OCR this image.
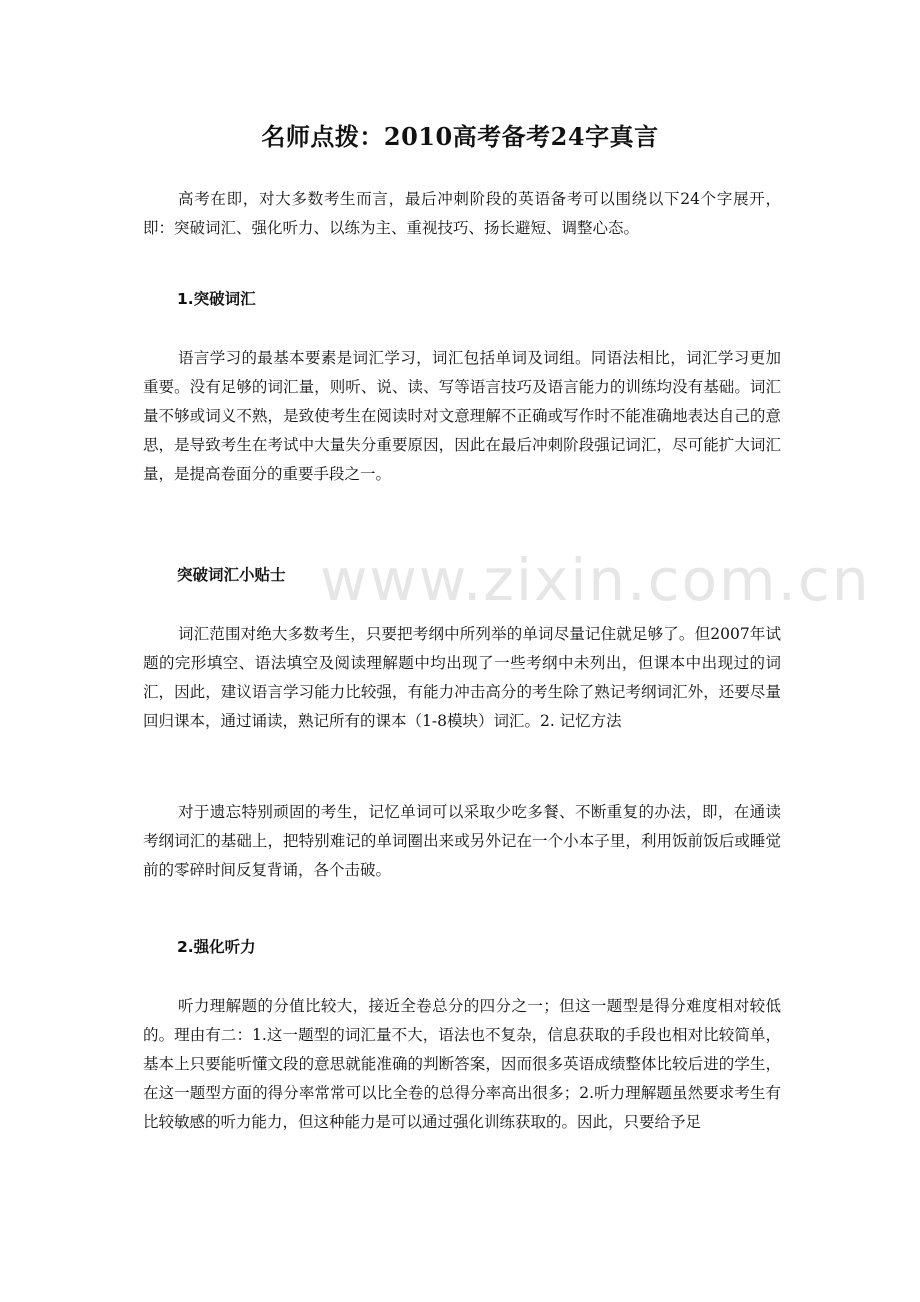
www.zixin.com.cn
名师点拨：2010高考备考24字真言

高考在即，对大多数考生而言，最后冲刺阶段的英语备考可以围绕以下24个字展开，即：突破词汇、强化听力、以练为主、重视技巧、扬长避短、调整心态。

1.突破词汇

语言学习的最基本要素是词汇学习，词汇包括单词及词组。同语法相比，词汇学习更加重要。没有足够的词汇量，则听、说、读、写等语言技巧及语言能力的训练均没有基础。词汇量不够或词义不熟，是致使考生在阅读时对文意理解不正确或写作时不能准确地表达自己的意思，是导致考生在考试中大量失分重要原因，因此在最后冲刺阶段强记词汇，尽可能扩大词汇量，是提高卷面分的重要手段之一。

突破词汇小贴士

词汇范围对绝大多数考生，只要把考纲中所列举的单词尽量记住就足够了。但2007年试题的完形填空、语法填空及阅读理解题中均出现了一些考纲中未列出，但课本中出现过的词汇，因此，建议语言学习能力比较强，有能力冲击高分的考生除了熟记考纲词汇外，还要尽量回归课本，通过诵读，熟记所有的课本（1-8模块）词汇。2. 记忆方法

对于遗忘特别顽固的考生，记忆单词可以采取少吃多餐、不断重复的办法，即，在通读考纲词汇的基础上，把特别难记的单词圈出来或另外记在一个小本子里，利用饭前饭后或睡觉前的零碎时间反复背诵，各个击破。

2.强化听力

听力理解题的分值比较大，接近全卷总分的四分之一；但这一题型是得分难度相对较低的。理由有二：1.这一题型的词汇量不大，语法也不复杂，信息获取的手段也相对比较简单，基本上只要能听懂文段的意思就能准确的判断答案，因而很多英语成绩整体比较后进的学生，在这一题型方面的得分率常常可以比全卷的总得分率高出很多；2.听力理解题虽然要求考生有比较敏感的听力能力，但这种能力是可以通过强化训练获取的。因此，只要给予足
